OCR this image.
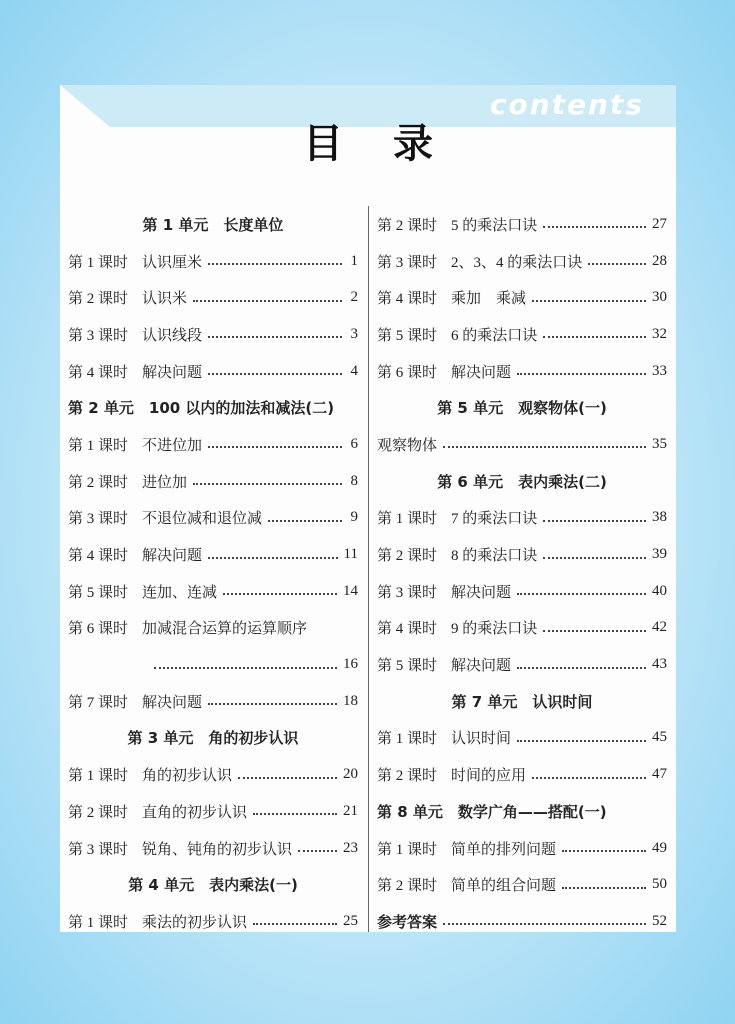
contents
目录
第 1 单元　长度单位
第 1 课时 认识厘米	1
第 2 课时 认识米	2
第 3 课时 认识线段	3
第 4 课时 解决问题	4
第 2 单元　100 以内的加法和减法(二)
第 1 课时 不进位加	6
第 2 课时 进位加	8
第 3 课时 不退位减和退位减	9
第 4 课时 解决问题	11
第 5 课时 连加、连减	14
第 6 课时 加减混合运算的运算顺序
16
第 7 课时 解决问题	18
第 3 单元　角的初步认识
第 1 课时 角的初步认识	20
第 2 课时 直角的初步认识	21
第 3 课时 锐角、钝角的初步认识	23
第 4 单元　表内乘法(一)
第 1 课时 乘法的初步认识	25
第 2 课时 5 的乘法口诀	27
第 3 课时 2、3、4 的乘法口诀	28
第 4 课时 乘加　乘减	30
第 5 课时 6 的乘法口诀	32
第 6 课时 解决问题	33
第 5 单元　观察物体(一)
观察物体	35
第 6 单元　表内乘法(二)
第 1 课时 7 的乘法口诀	38
第 2 课时 8 的乘法口诀	39
第 3 课时 解决问题	40
第 4 课时 9 的乘法口诀	42
第 5 课时 解决问题	43
第 7 单元　认识时间
第 1 课时 认识时间	45
第 2 课时 时间的应用	47
第 8 单元　数学广角——搭配(一)
第 1 课时 简单的排列问题	49
第 2 课时 简单的组合问题	50
参考答案	52
